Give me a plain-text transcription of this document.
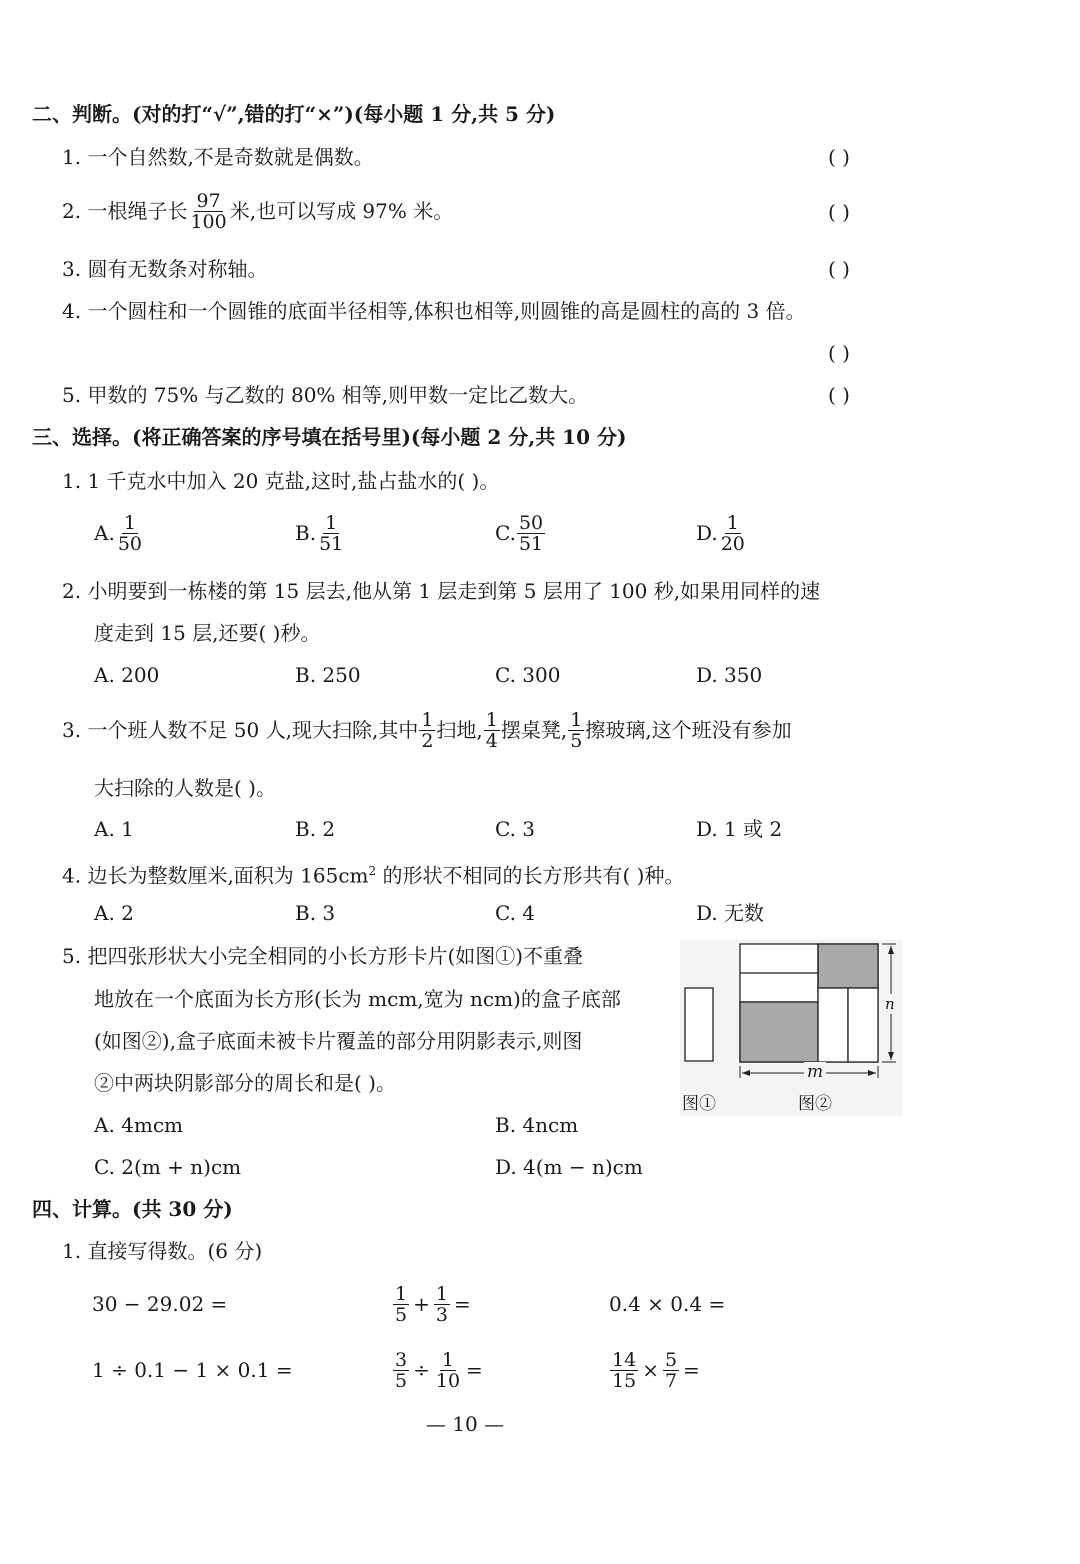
二、判断。(对的打“√”,错的打“×”)(每小题 1 分,共 5 分)
1. 一个自然数,不是奇数就是偶数。	( )
2. 一根绳子长 $\frac{97}{100}$ 米,也可以写成 97% 米。	( )
3. 圆有无数条对称轴。	( )
4. 一个圆柱和一个圆锥的底面半径相等,体积也相等,则圆锥的高是圆柱的高的 3 倍。
( )
5. 甲数的 75% 与乙数的 80% 相等,则甲数一定比乙数大。	( )
三、选择。(将正确答案的序号填在括号里)(每小题 2 分,共 10 分)
1. 1 千克水中加入 20 克盐,这时,盐占盐水的( )。
A. $\frac{1}{50}$	B. $\frac{1}{51}$	C. $\frac{50}{51}$	D. $\frac{1}{20}$
2. 小明要到一栋楼的第 15 层去,他从第 1 层走到第 5 层用了 100 秒,如果用同样的速
度走到 15 层,还要( )秒。
A. 200	B. 250	C. 300	D. 350
3. 一个班人数不足 50 人,现大扫除,其中 $\frac{1}{2}$ 扫地, $\frac{1}{4}$ 摆桌凳, $\frac{1}{5}$ 擦玻璃,这个班没有参加
大扫除的人数是( )。
A. 1	B. 2	C. 3	D. 1 或 2
4. 边长为整数厘米,面积为 $165cm^2$ 的形状不相同的长方形共有( )种。
A. 2	B. 3	C. 4	D. 无数
5. 把四张形状大小完全相同的小长方形卡片(如图①)不重叠
地放在一个底面为长方形(长为 mcm,宽为 ncm)的盒子底部
(如图②),盒子底面未被卡片覆盖的部分用阴影表示,则图
②中两块阴影部分的周长和是( )。	m
n
图①	图②
A. 4mcm	B. 4ncm
C. 2(m + n)cm	D. 4(m − n)cm
四、计算。(共 30 分)
1. 直接写得数。(6 分)
30 − 29.02 =	$\frac{1}{5} + \frac{1}{3}$ =	0.4 × 0.4 =
1 ÷ 0.1 − 1 × 0.1 =	$\frac{3}{5} \div \frac{1}{10}$ =	$\frac{14}{15} \times \frac{5}{7}$ =
— 10 —
